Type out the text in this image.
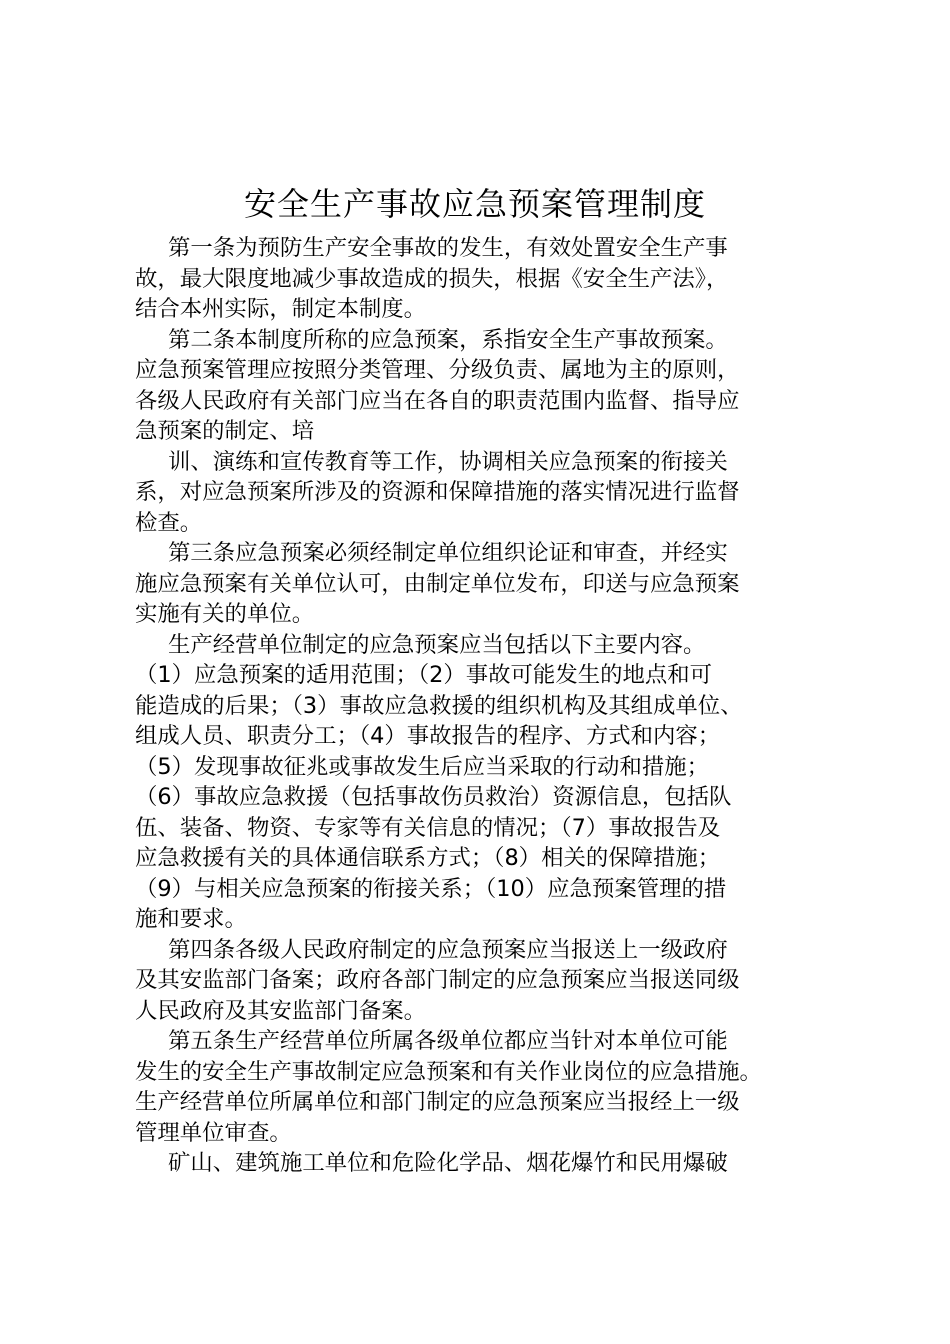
安全生产事故应急预案管理制度
第一条为预防生产安全事故的发生，有效处置安全生产事
故，最大限度地减少事故造成的损失，根据《安全生产法》，
结合本州实际，制定本制度。
第二条本制度所称的应急预案，系指安全生产事故预案。
应急预案管理应按照分类管理、分级负责、属地为主的原则，
各级人民政府有关部门应当在各自的职责范围内监督、指导应
急预案的制定、培
训、演练和宣传教育等工作，协调相关应急预案的衔接关
系，对应急预案所涉及的资源和保障措施的落实情况进行监督
检查。
第三条应急预案必须经制定单位组织论证和审查，并经实
施应急预案有关单位认可，由制定单位发布，印送与应急预案
实施有关的单位。
生产经营单位制定的应急预案应当包括以下主要内容。
（1）应急预案的适用范围；（2）事故可能发生的地点和可
能造成的后果；（3）事故应急救援的组织机构及其组成单位、
组成人员、职责分工；（4）事故报告的程序、方式和内容；
（5）发现事故征兆或事故发生后应当采取的行动和措施；
（6）事故应急救援（包括事故伤员救治）资源信息，包括队
伍、装备、物资、专家等有关信息的情况；（7）事故报告及
应急救援有关的具体通信联系方式；（8）相关的保障措施；
（9）与相关应急预案的衔接关系；（10）应急预案管理的措
施和要求。
第四条各级人民政府制定的应急预案应当报送上一级政府
及其安监部门备案；政府各部门制定的应急预案应当报送同级
人民政府及其安监部门备案。
第五条生产经营单位所属各级单位都应当针对本单位可能
发生的安全生产事故制定应急预案和有关作业岗位的应急措施。
生产经营单位所属单位和部门制定的应急预案应当报经上一级
管理单位审查。
矿山、建筑施工单位和危险化学品、烟花爆竹和民用爆破
